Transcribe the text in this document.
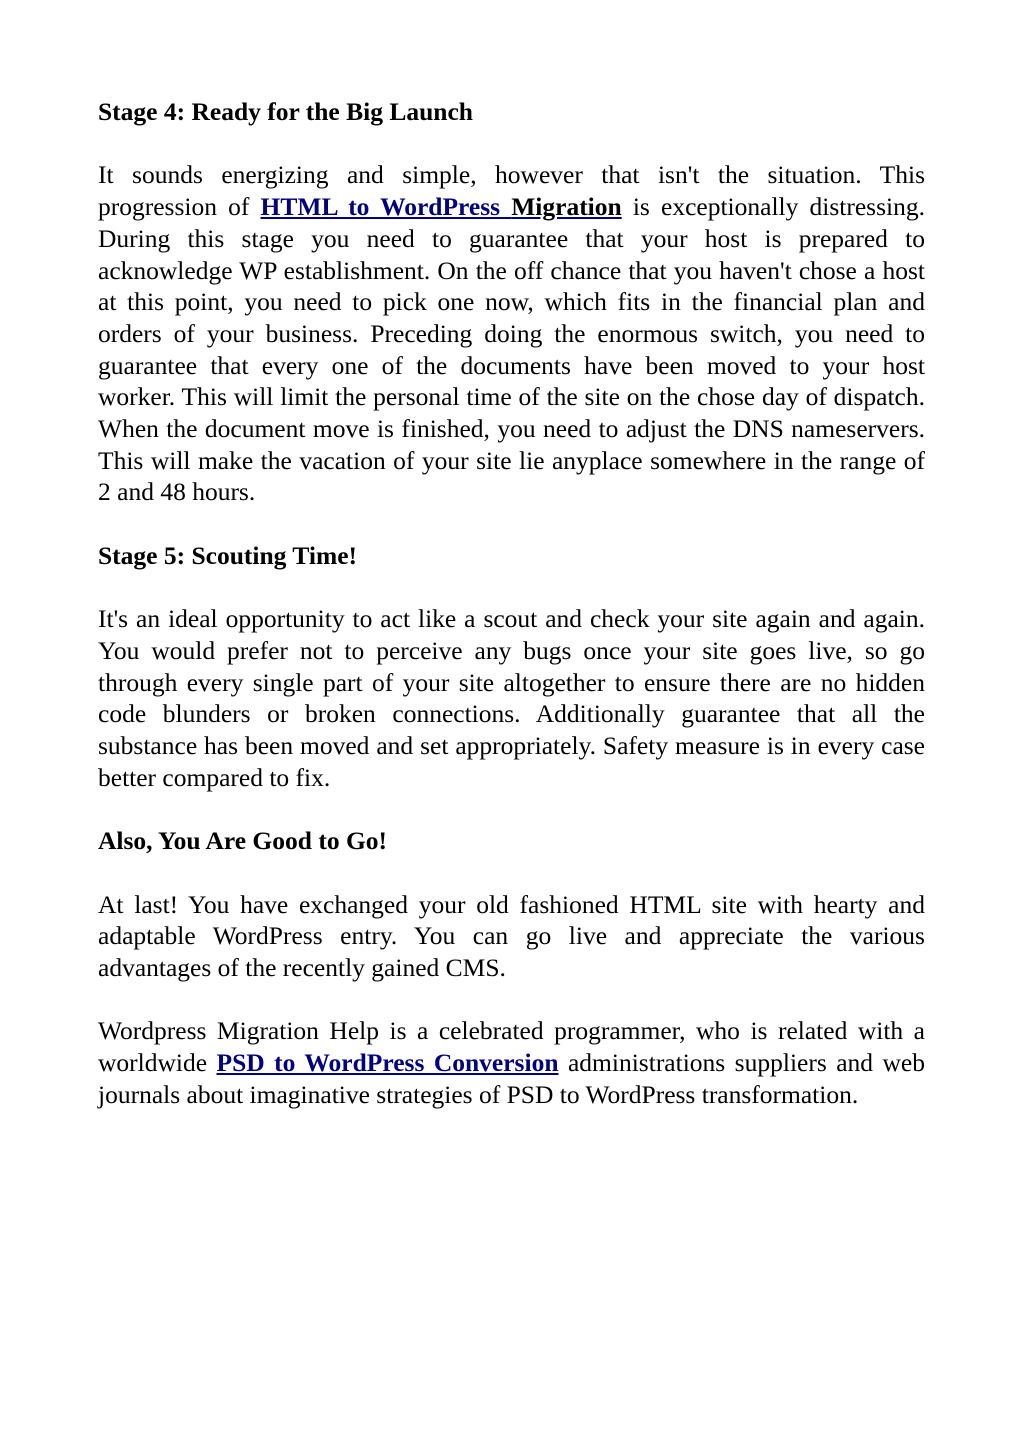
Stage 4: Ready for the Big Launch

It sounds energizing and simple, however that isn't the situation. This progression of HTML to WordPress Migration is exceptionally distressing. During this stage you need to guarantee that your host is prepared to acknowledge WP establishment. On the off chance that you haven't chose a host at this point, you need to pick one now, which fits in the financial plan and orders of your business. Preceding doing the enormous switch, you need to guarantee that every one of the documents have been moved to your host worker. This will limit the personal time of the site on the chose day of dispatch. When the document move is finished, you need to adjust the DNS nameservers. This will make the vacation of your site lie anyplace somewhere in the range of 2 and 48 hours.

Stage 5: Scouting Time!

It's an ideal opportunity to act like a scout and check your site again and again. You would prefer not to perceive any bugs once your site goes live, so go through every single part of your site altogether to ensure there are no hidden code blunders or broken connections. Additionally guarantee that all the substance has been moved and set appropriately. Safety measure is in every case better compared to fix.

Also, You Are Good to Go!

At last! You have exchanged your old fashioned HTML site with hearty and adaptable WordPress entry. You can go live and appreciate the various advantages of the recently gained CMS.

Wordpress Migration Help is a celebrated programmer, who is related with a worldwide PSD to WordPress Conversion administrations suppliers and web journals about imaginative strategies of PSD to WordPress transformation.
